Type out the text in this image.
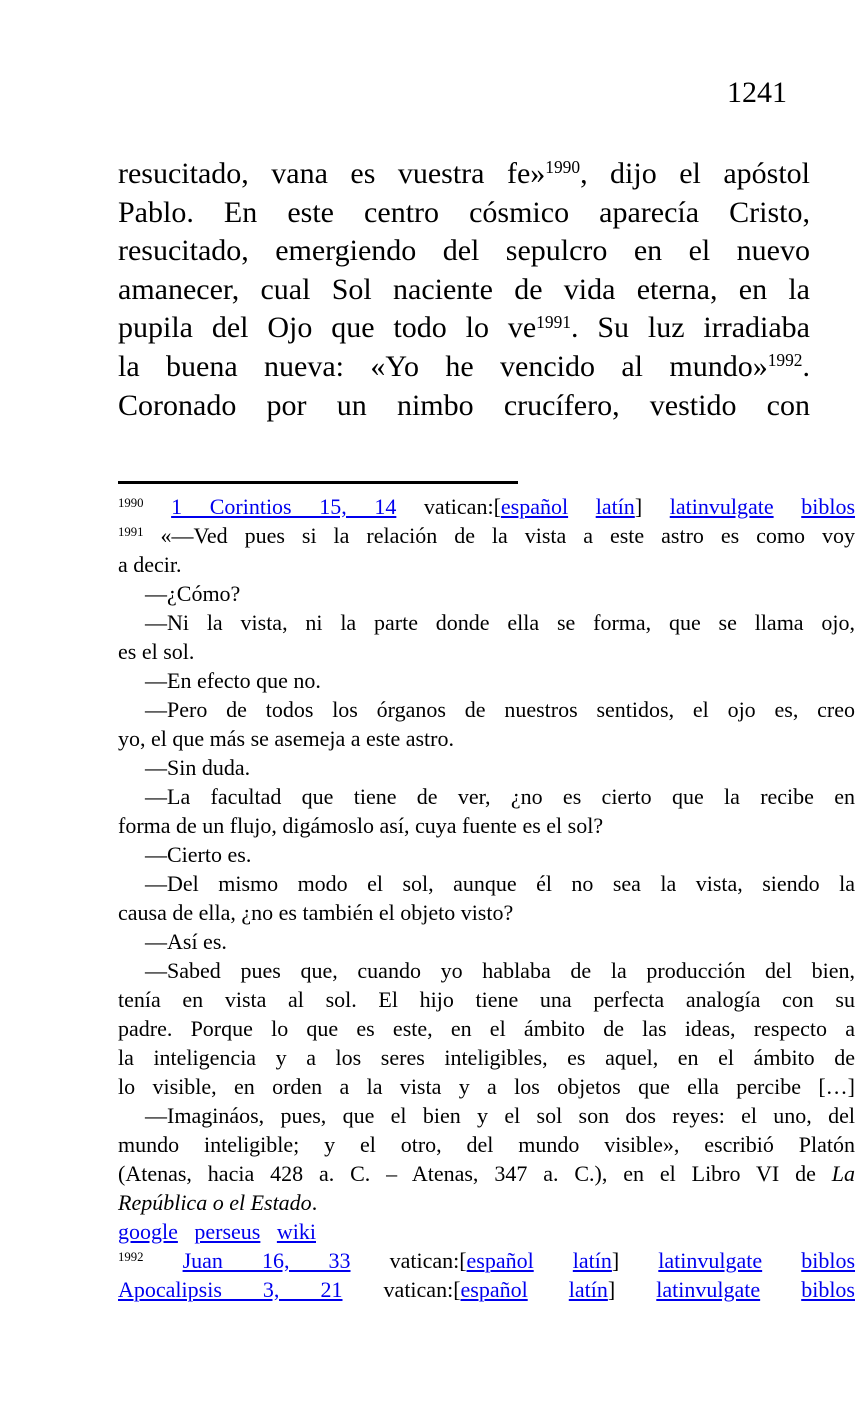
1241
resucitado, vana es vuestra fe»$^{1990}$, dijo el apóstol
Pablo. En este centro cósmico aparecía Cristo,
resucitado, emergiendo del sepulcro en el nuevo
amanecer, cual Sol naciente de vida eterna, en la
pupila del Ojo que todo lo ve$^{1991}$. Su luz irradiaba
la buena nueva: «Yo he vencido al mundo»$^{1992}$.
Coronado por un nimbo crucífero, vestido con
$^{1990}$ 1 Corintios 15, 14 vatican:[español latín] latinvulgate biblos
$^{1991}$ «—Ved pues si la relación de la vista a este astro es como voy
a decir.
—¿Cómo?
—Ni la vista, ni la parte donde ella se forma, que se llama ojo,
es el sol.
—En efecto que no.
—Pero de todos los órganos de nuestros sentidos, el ojo es, creo
yo, el que más se asemeja a este astro.
—Sin duda.
—La facultad que tiene de ver, ¿no es cierto que la recibe en
forma de un flujo, digámoslo así, cuya fuente es el sol?
—Cierto es.
—Del mismo modo el sol, aunque él no sea la vista, siendo la
causa de ella, ¿no es también el objeto visto?
—Así es.
—Sabed pues que, cuando yo hablaba de la producción del bien,
tenía en vista al sol. El hijo tiene una perfecta analogía con su
padre. Porque lo que es este, en el ámbito de las ideas, respecto a
la inteligencia y a los seres inteligibles, es aquel, en el ámbito de
lo visible, en orden a la vista y a los objetos que ella percibe […]
—Imagináos, pues, que el bien y el sol son dos reyes: el uno, del
mundo inteligible; y el otro, del mundo visible», escribió Platón
(Atenas, hacia 428 a. C. – Atenas, 347 a. C.), en el Libro VI de La
República o el Estado.
google perseus wiki
$^{1992}$ Juan 16, 33 vatican:[español latín] latinvulgate biblos
Apocalipsis 3, 21 vatican:[español latín] latinvulgate biblos
